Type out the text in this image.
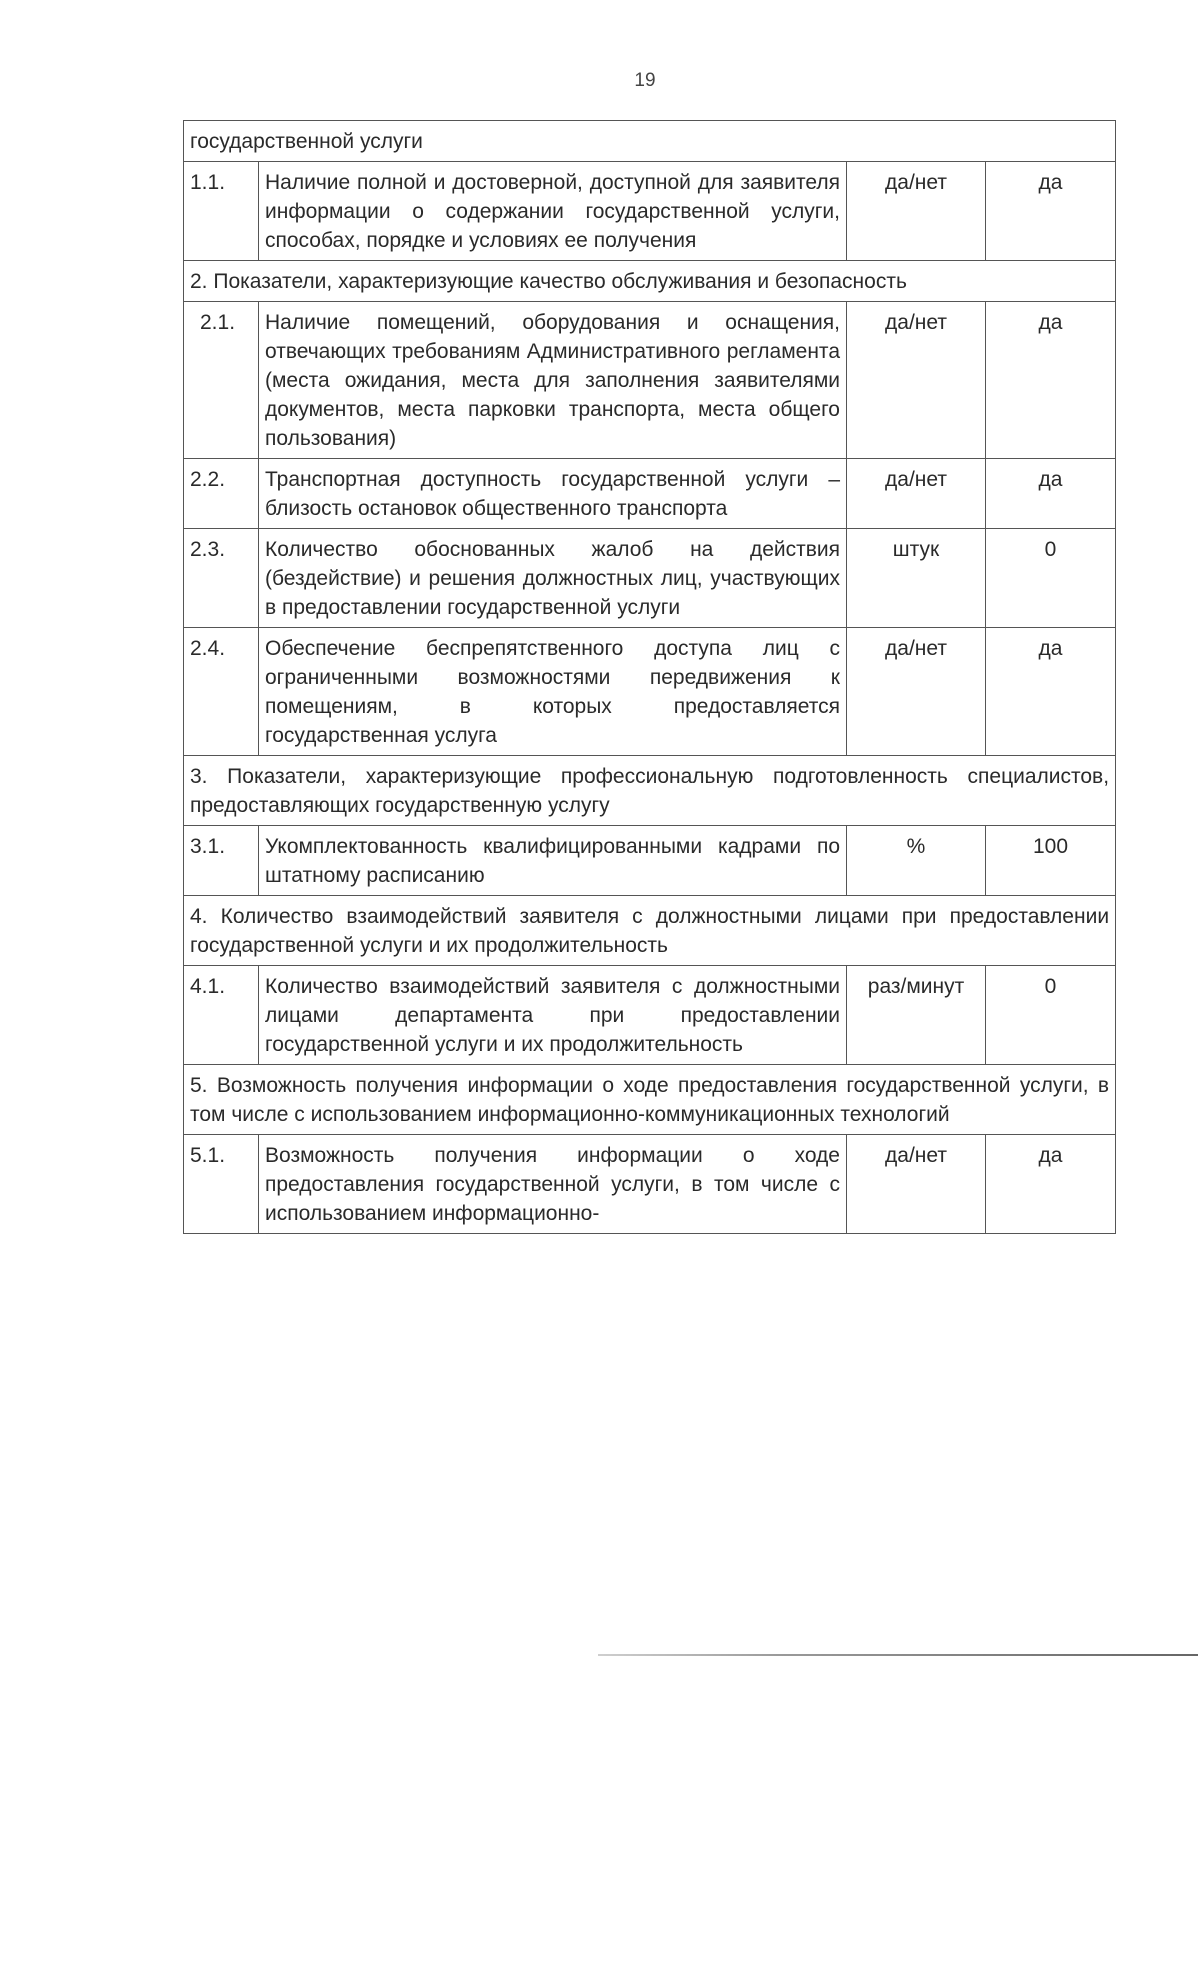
19
государственной услуги			
1.1.	Наличие полной и достоверной, доступной для заявителя информации о содержании государственной услуги, способах, порядке и условиях ее получения	да/нет	да
2. Показатели, характеризующие качество обслуживания и безопасность			
2.1.	Наличие помещений, оборудования и оснащения, отвечающих требованиям Административного регламента (места ожидания, места для заполнения заявителями документов, места парковки транспорта, места общего пользования)	да/нет	да
2.2.	Транспортная доступность государственной услуги – близость остановок общественного транспорта	да/нет	да
2.3.	Количество обоснованных жалоб на действия (бездействие) и решения должностных лиц, участвующих в предоставлении государственной услуги	штук	0
2.4.	Обеспечение беспрепятственного доступа лиц с ограниченными возможностями передвижения к помещениям, в которых предоставляется государственная услуга	да/нет	да
3. Показатели, характеризующие профессиональную подготовленность специалистов, предоставляющих государственную услугу			
3.1.	Укомплектованность квалифицированными кадрами по штатному расписанию	%	100
4. Количество взаимодействий заявителя с должностными лицами при предоставлении государственной услуги и их продолжительность			
4.1.	Количество взаимодействий заявителя с должностными лицами департамента при предоставлении государственной услуги и их продолжительность	раз/минут	0
5. Возможность получения информации о ходе предоставления государственной услуги, в том числе с использованием информационно-коммуникационных технологий			
5.1.	Возможность получения информации о ходе предоставления государственной услуги, в том числе с использованием информационно-	да/нет	да
